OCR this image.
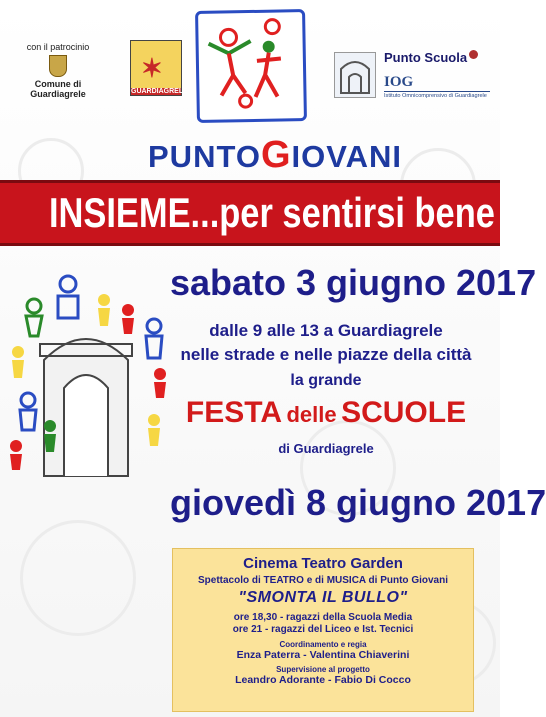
con il patrocinio
Comune di Guardiagrele
✶
GUARDIAGRELE
Punto Scuola
IOG
Istituto Omnicomprensivo di Guardiagrele
PUNTOGIOVANI
INSIEME...per sentirsi bene
sabato 3 giugno 2017
dalle 9 alle 13 a Guardiagrele
nelle strade e nelle piazze della città
la grande
FESTA delle SCUOLE
di Guardiagrele
giovedì 8 giugno 2017
Cinema Teatro Garden
Spettacolo di TEATRO e di MUSICA di Punto Giovani
"SMONTA IL BULLO"
ore 18,30 - ragazzi della Scuola Media
ore 21 - ragazzi del Liceo e Ist. Tecnici
Coordinamento e regia
Enza Paterra - Valentina Chiaverini
Supervisione al progetto
Leandro Adorante - Fabio Di Cocco
